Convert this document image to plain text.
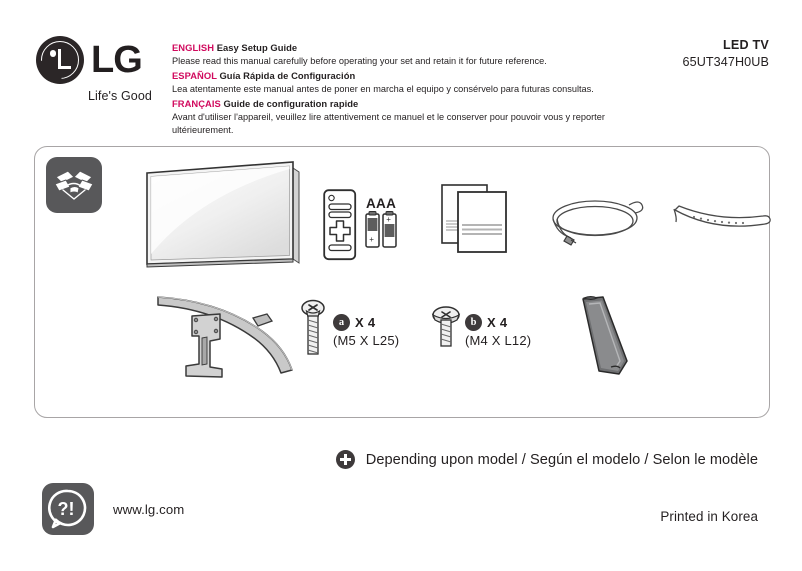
LG
Life's Good
ENGLISH Easy Setup Guide
Please read this manual carefully before operating your set and retain it for future reference.
ESPAÑOL Guía Rápida de Configuración
Lea atentamente este manual antes de poner en marcha el equipo y consérvelo para futuras consultas.
FRANÇAIS Guide de configuration rapide
Avant d'utiliser l'appareil, veuillez lire attentivement ce manuel et le conserver pour pouvoir vous y reporter ultérieurement.
LED TV
65UT347H0UB
AAA
+
+
a X 4
(M5 X L25)
b X 4
(M4 X L12)
Depending upon model / Según el modelo / Selon le modèle
?!	www.lg.com	Printed in Korea
